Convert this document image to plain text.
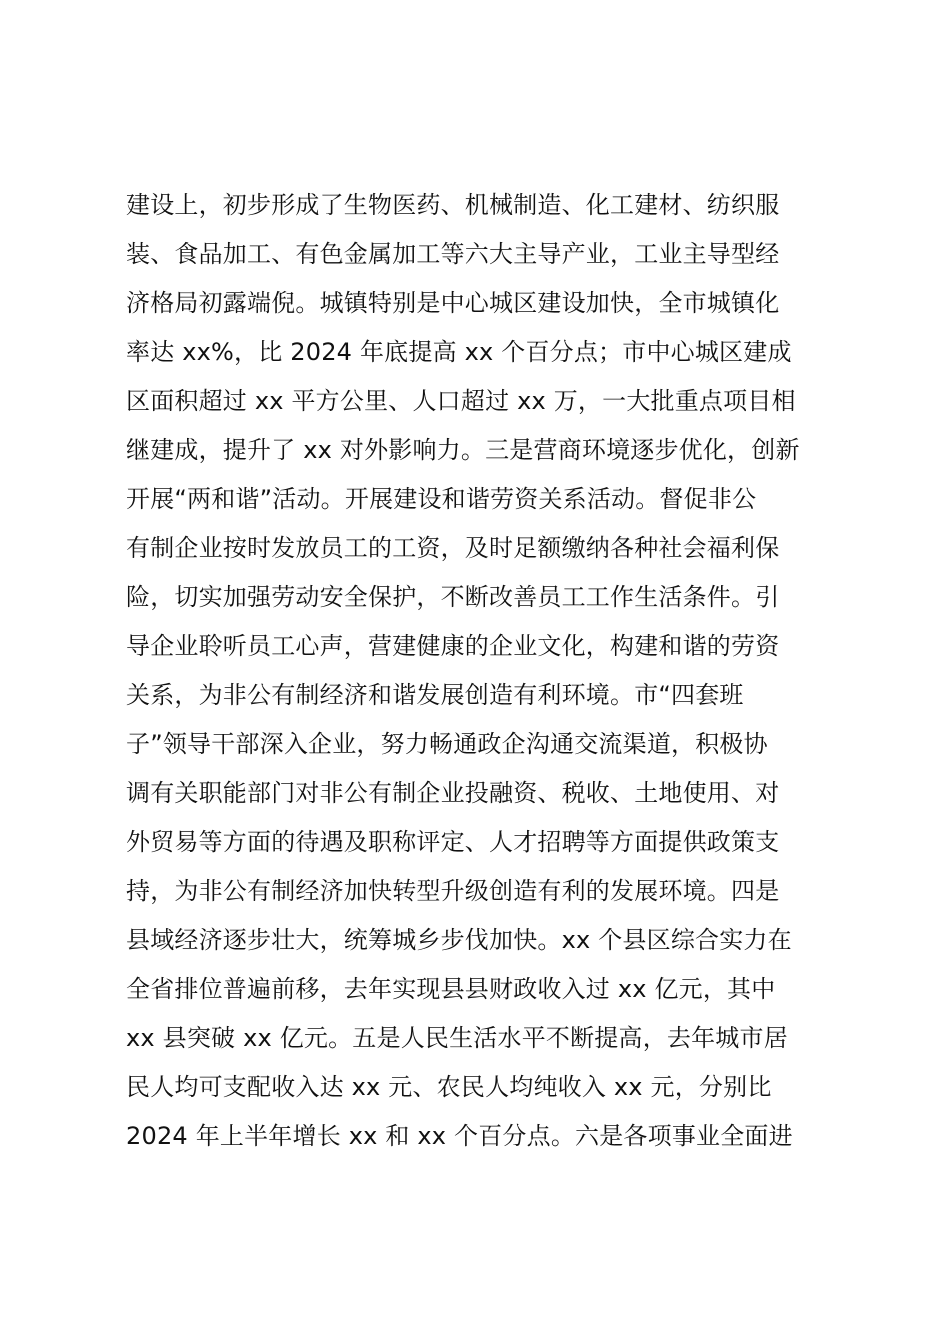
建设上，初步形成了生物医药、机械制造、化工建材、纺织服
装、食品加工、有色金属加工等六大主导产业，工业主导型经
济格局初露端倪。城镇特别是中心城区建设加快，全市城镇化
率达 xx%，比 2024 年底提高 xx 个百分点；市中心城区建成
区面积超过 xx 平方公里、人口超过 xx 万，一大批重点项目相
继建成，提升了 xx 对外影响力。三是营商环境逐步优化，创新
开展“两和谐”活动。开展建设和谐劳资关系活动。督促非公
有制企业按时发放员工的工资，及时足额缴纳各种社会福利保
险，切实加强劳动安全保护，不断改善员工工作生活条件。引
导企业聆听员工心声，营建健康的企业文化，构建和谐的劳资
关系，为非公有制经济和谐发展创造有利环境。市“四套班
子”领导干部深入企业，努力畅通政企沟通交流渠道，积极协
调有关职能部门对非公有制企业投融资、税收、土地使用、对
外贸易等方面的待遇及职称评定、人才招聘等方面提供政策支
持，为非公有制经济加快转型升级创造有利的发展环境。四是
县域经济逐步壮大，统筹城乡步伐加快。xx 个县区综合实力在
全省排位普遍前移，去年实现县县财政收入过 xx 亿元，其中
xx 县突破 xx 亿元。五是人民生活水平不断提高，去年城市居
民人均可支配收入达 xx 元、农民人均纯收入 xx 元，分别比
2024 年上半年增长 xx 和 xx 个百分点。六是各项事业全面进
